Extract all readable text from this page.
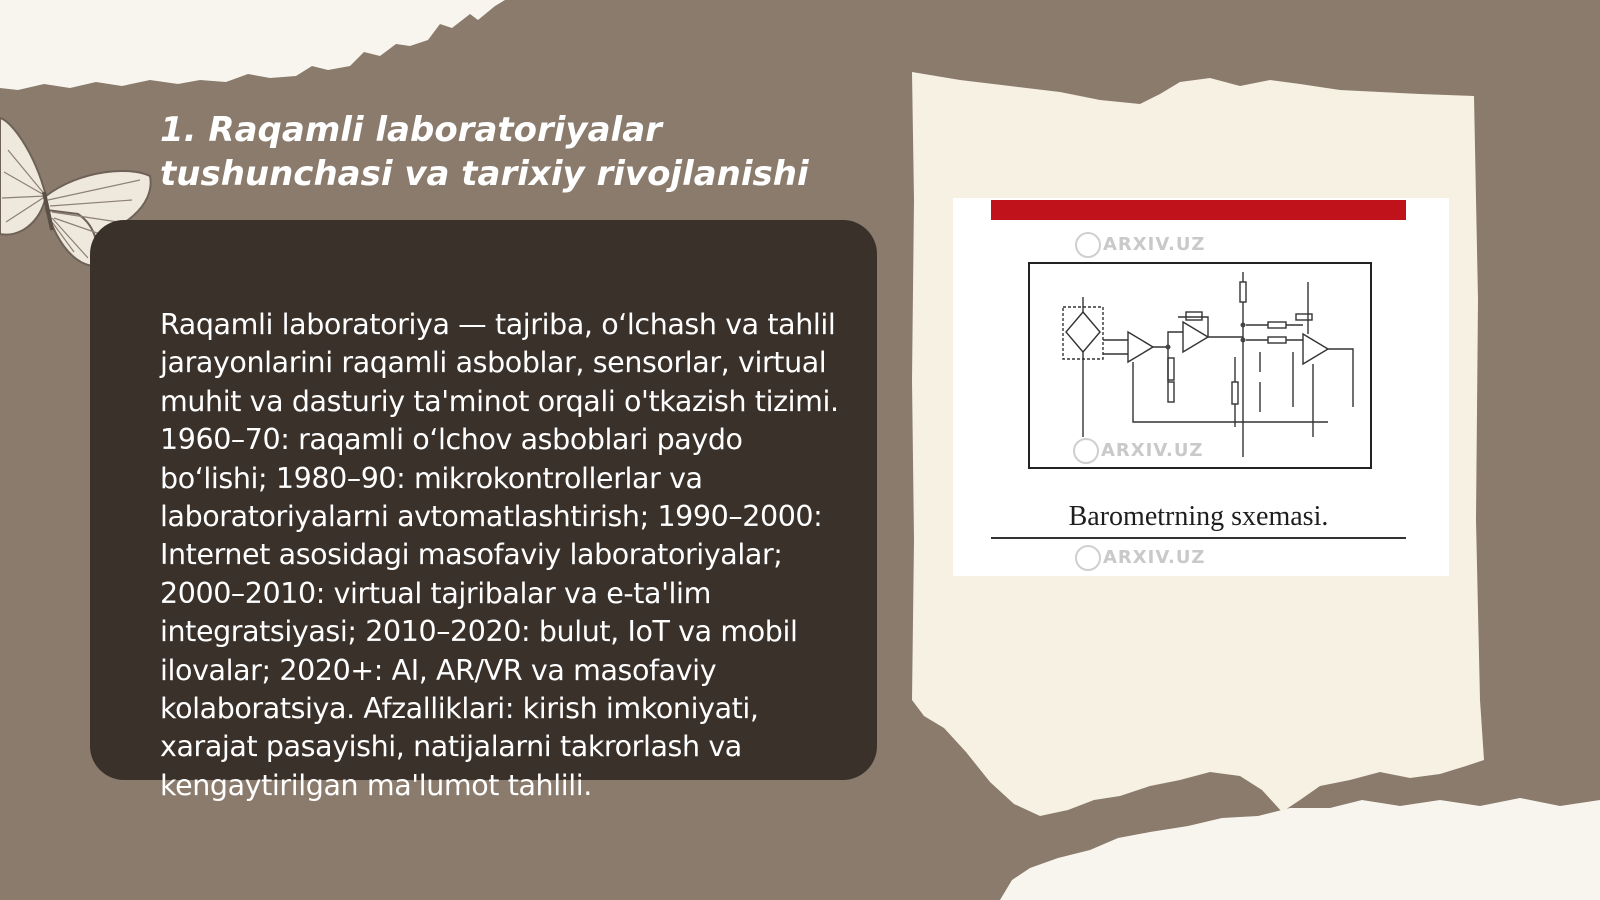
1. Raqamli laboratoriyalar
tushunchasi va tarixiy rivojlanishi
Raqamli laboratoriya — tajriba, oʻlchash va tahlil jarayonlarini raqamli asboblar, sensorlar, virtual muhit va dasturiy ta'minot orqali o'tkazish tizimi. 1960–70: raqamli oʻlchov asboblari paydo boʻlishi; 1980–90: mikrokontrollerlar va laboratoriyalarni avtomatlashtirish; 1990–2000: Internet asosidagi masofaviy laboratoriyalar; 2000–2010: virtual tajribalar va e-ta'lim integratsiyasi; 2010–2020: bulut, IoT va mobil ilovalar; 2020+: AI, AR/VR va masofaviy kolaboratsiya. Afzalliklari: kirish imkoniyati, xarajat pasayishi, natijalarni takrorlash va kengaytirilgan ma'lumot tahlili.
ARXIV.UZ
ARXIV.UZ
Barometrning sxemasi.
ARXIV.UZ
